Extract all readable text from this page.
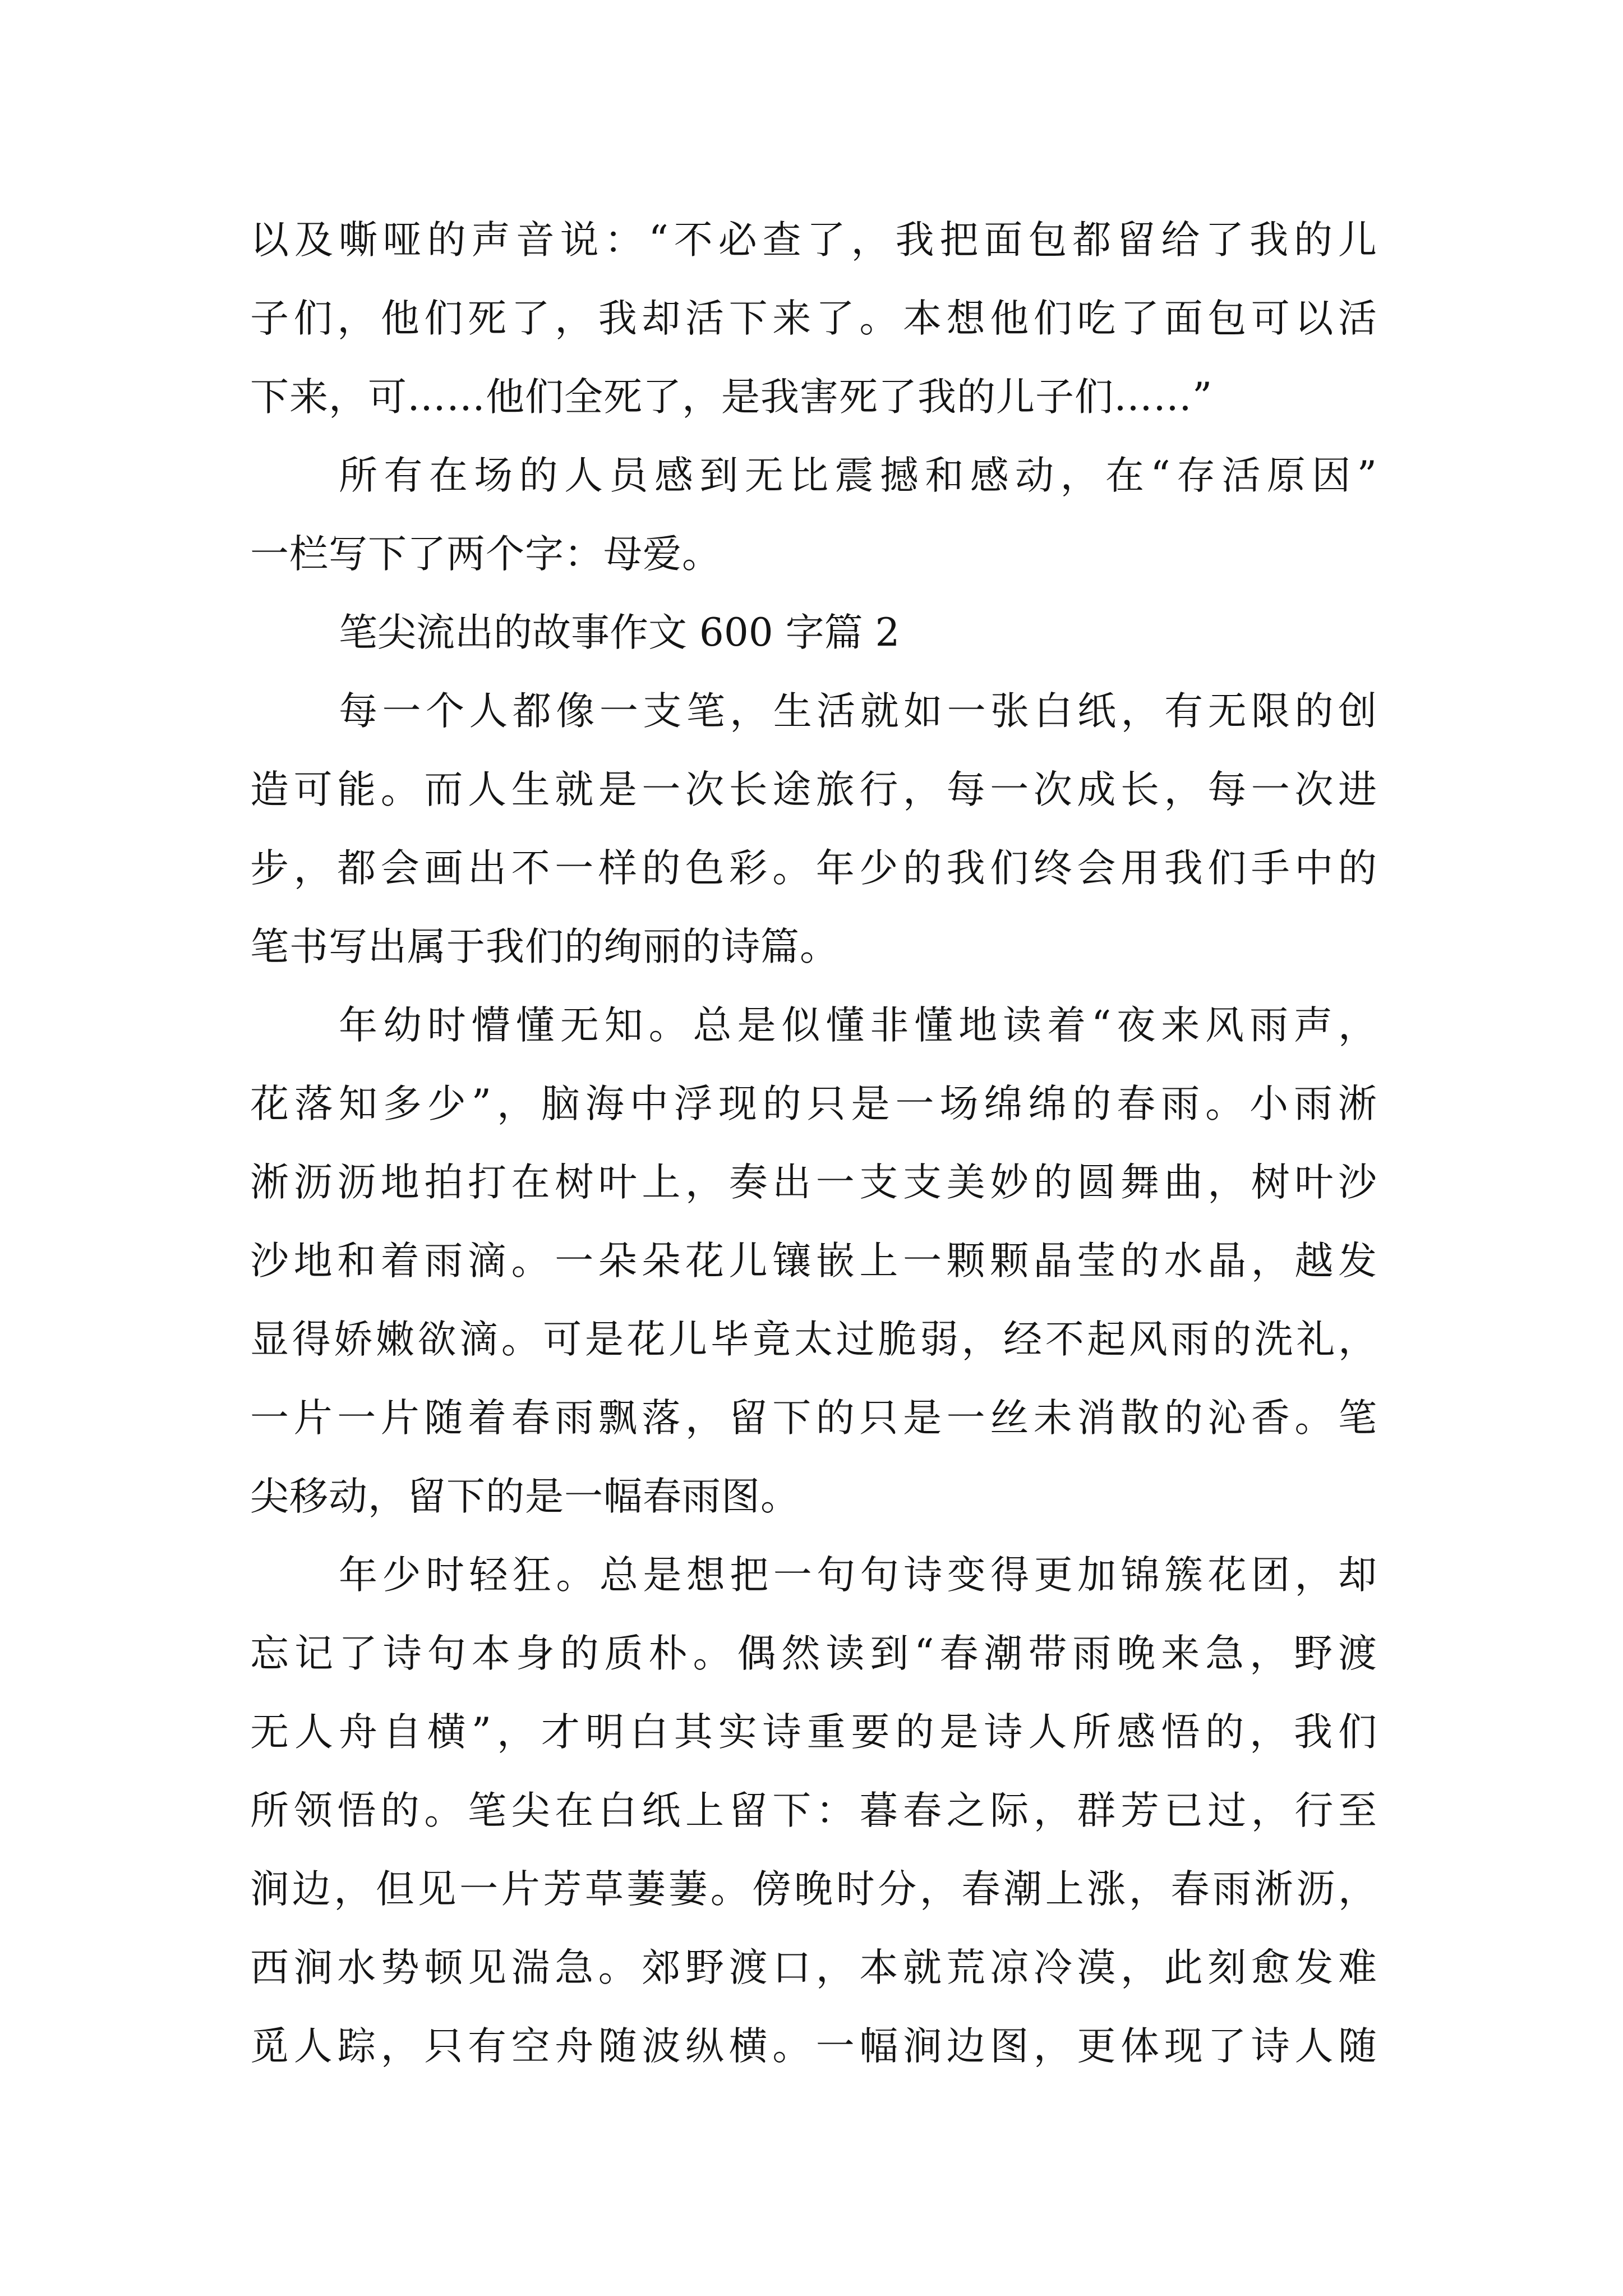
以及嘶哑的声音说：“不必查了，我把面包都留给了我的儿
子们，他们死了，我却活下来了。本想他们吃了面包可以活
下来，可……他们全死了，是我害死了我的儿子们……”
所有在场的人员感到无比震撼和感动，在“存活原因”
一栏写下了两个字：母爱。
笔尖流出的故事作文 600 字篇 2
每一个人都像一支笔，生活就如一张白纸，有无限的创
造可能。而人生就是一次长途旅行，每一次成长，每一次进
步，都会画出不一样的色彩。年少的我们终会用我们手中的
笔书写出属于我们的绚丽的诗篇。
年幼时懵懂无知。总是似懂非懂地读着“夜来风雨声，
花落知多少”，脑海中浮现的只是一场绵绵的春雨。小雨淅
淅沥沥地拍打在树叶上，奏出一支支美妙的圆舞曲，树叶沙
沙地和着雨滴。一朵朵花儿镶嵌上一颗颗晶莹的水晶，越发
显得娇嫩欲滴。可是花儿毕竟太过脆弱，经不起风雨的洗礼，
一片一片随着春雨飘落，留下的只是一丝未消散的沁香。笔
尖移动，留下的是一幅春雨图。
年少时轻狂。总是想把一句句诗变得更加锦簇花团，却
忘记了诗句本身的质朴。偶然读到“春潮带雨晚来急，野渡
无人舟自横”，才明白其实诗重要的是诗人所感悟的，我们
所领悟的。笔尖在白纸上留下：暮春之际，群芳已过，行至
涧边，但见一片芳草萋萋。傍晚时分，春潮上涨，春雨淅沥，
西涧水势顿见湍急。郊野渡口，本就荒凉冷漠，此刻愈发难
觅人踪，只有空舟随波纵横。一幅涧边图，更体现了诗人随
